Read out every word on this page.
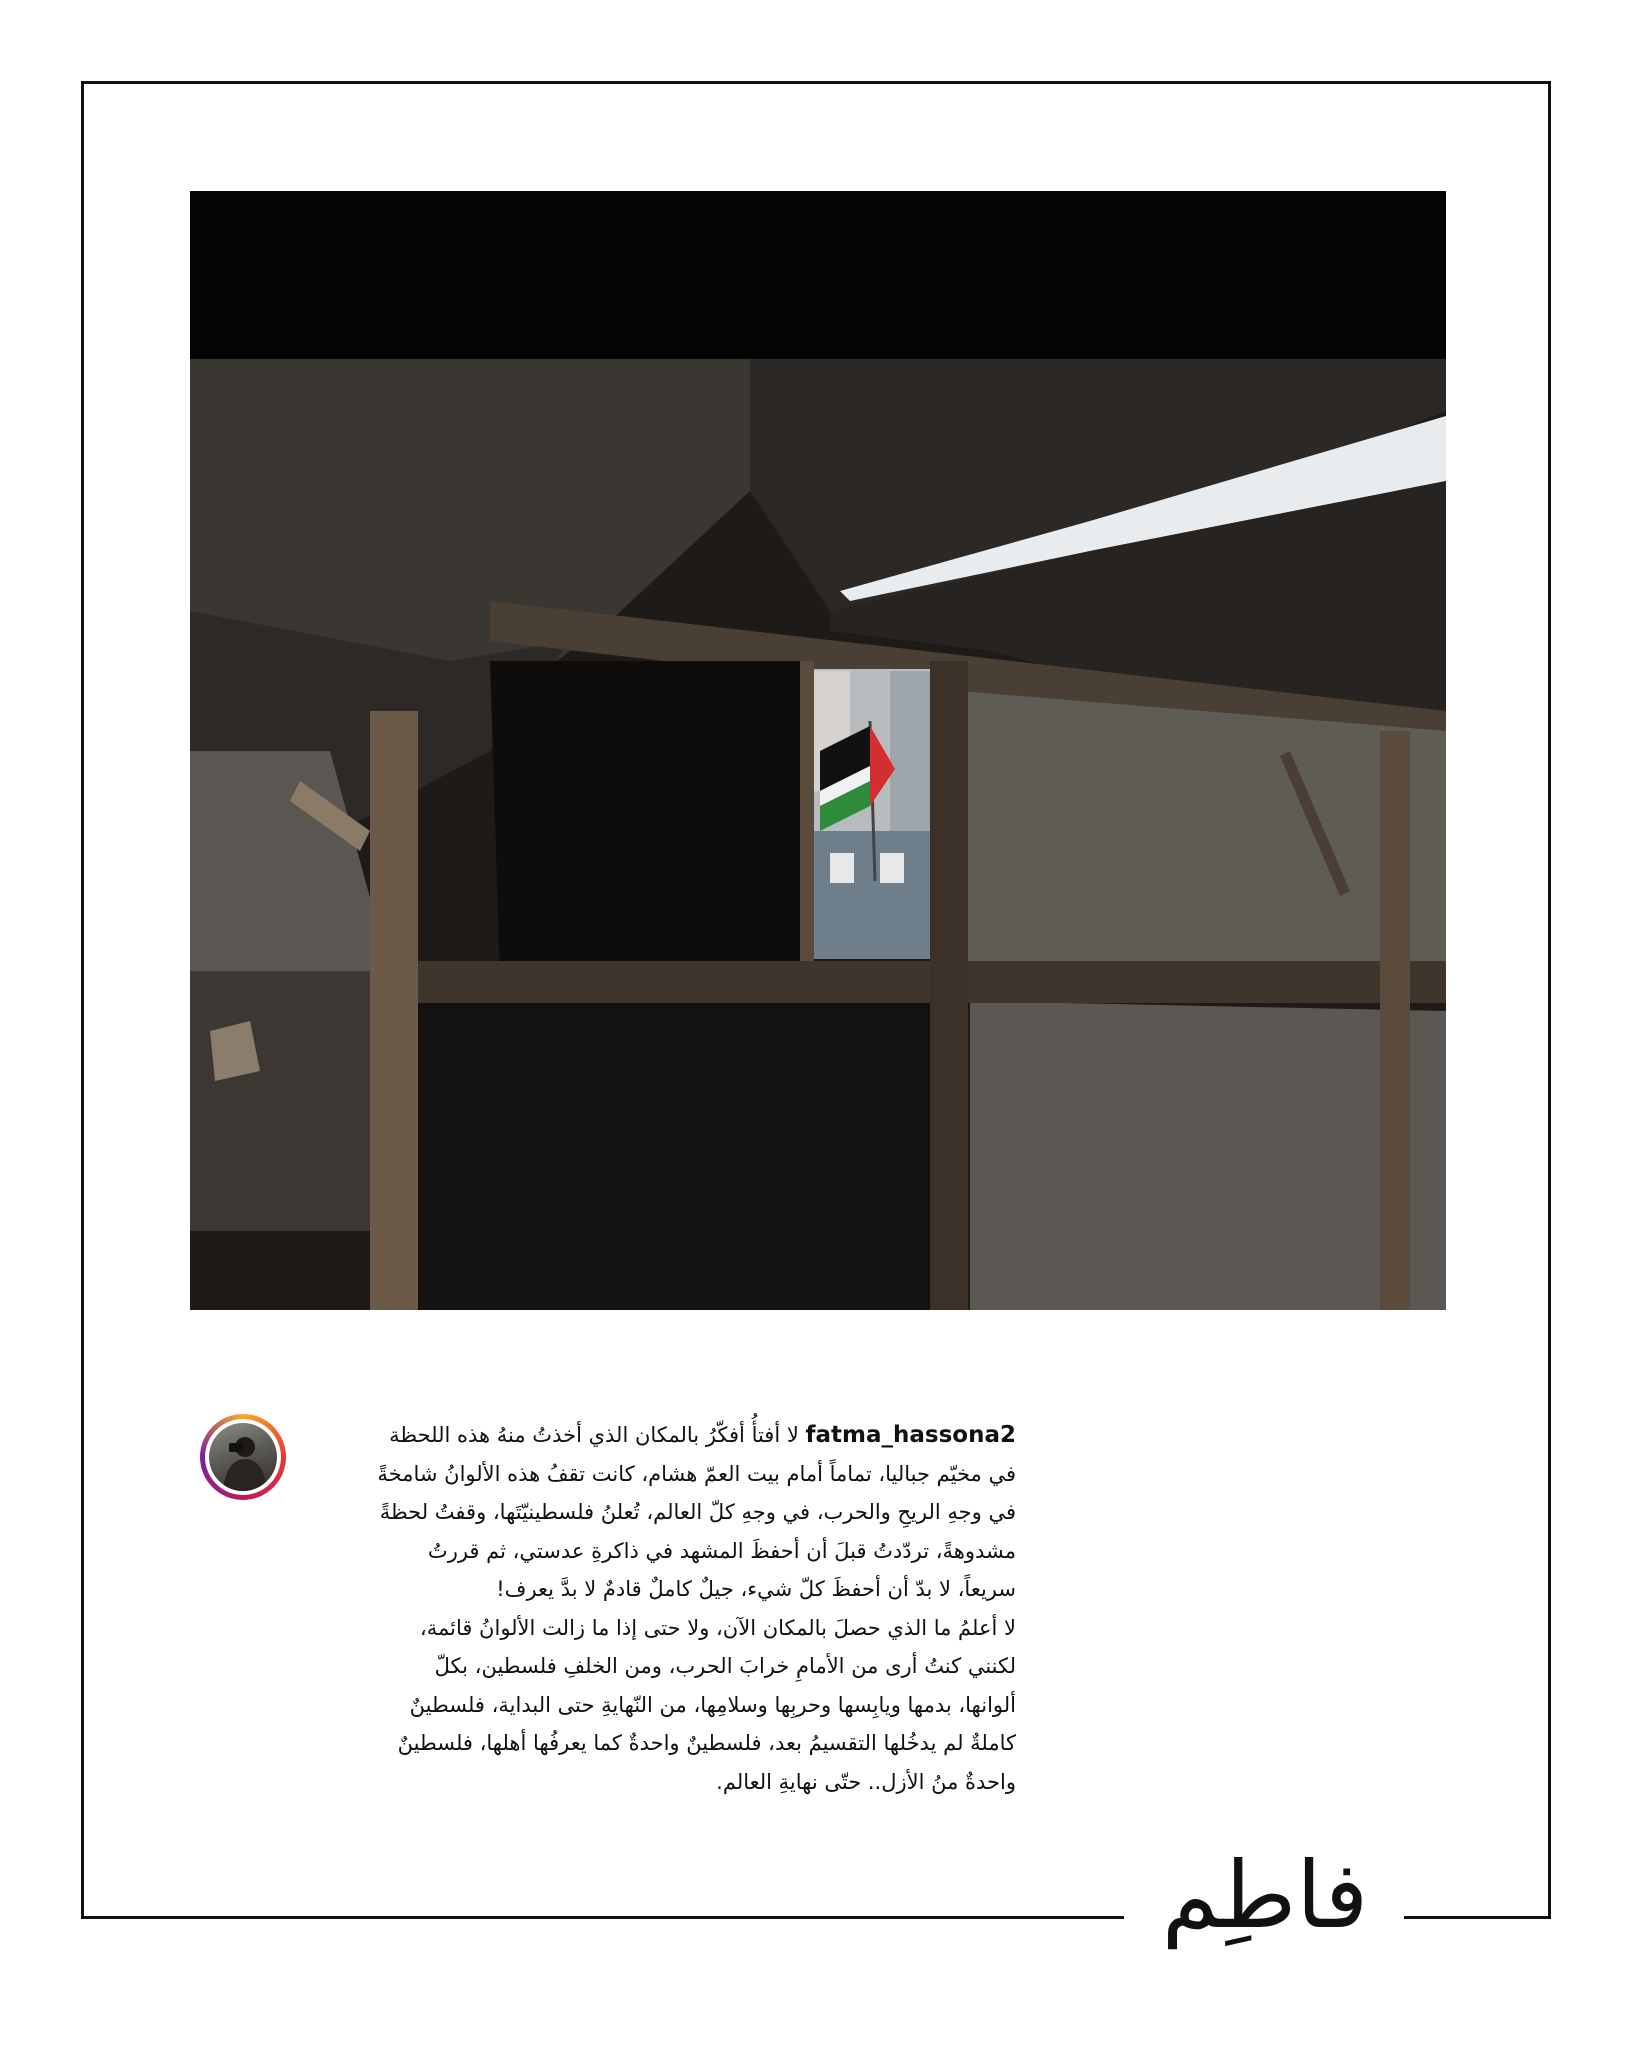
فاطِم

fatma_hassona2 لا أفتأُ أفكّرُ بالمكان الذي أخذتُ منهُ هذه اللحظة

في مخيّم جباليا، تماماً أمام بيت العمّ هشام، كانت تقفُ هذه الألوانُ شامخةً

في وجهِ الريحِ والحرب، في وجهِ كلّ العالم، تُعلنُ فلسطينيّتَها، وقفتُ لحظةً

مشدوهةً، تردّدتُ قبلَ أن أحفظَ المشهد في ذاكرةِ عدستي، ثم قررتُ

سريعاً، لا بدّ أن أحفظَ كلّ شيء، جيلٌ كاملٌ قادمٌ لا بدَّ يعرف!

لا أعلمُ ما الذي حصلَ بالمكان الآن، ولا حتى إذا ما زالت الألوانُ قائمة،

لكنني كنتُ أرى من الأمامِ خرابَ الحرب، ومن الخلفِ فلسطين، بكلّ

ألوانها، بدمها ويابِسها وحربِها وسلامِها، من النّهايةِ حتى البداية، فلسطينٌ

كاملةٌ لم يدخُلها التقسيمُ بعد، فلسطينٌ واحدةٌ كما يعرفُها أهلها، فلسطينٌ

واحدةٌ منُ الأزل.. حتّى نهايةِ العالم.
